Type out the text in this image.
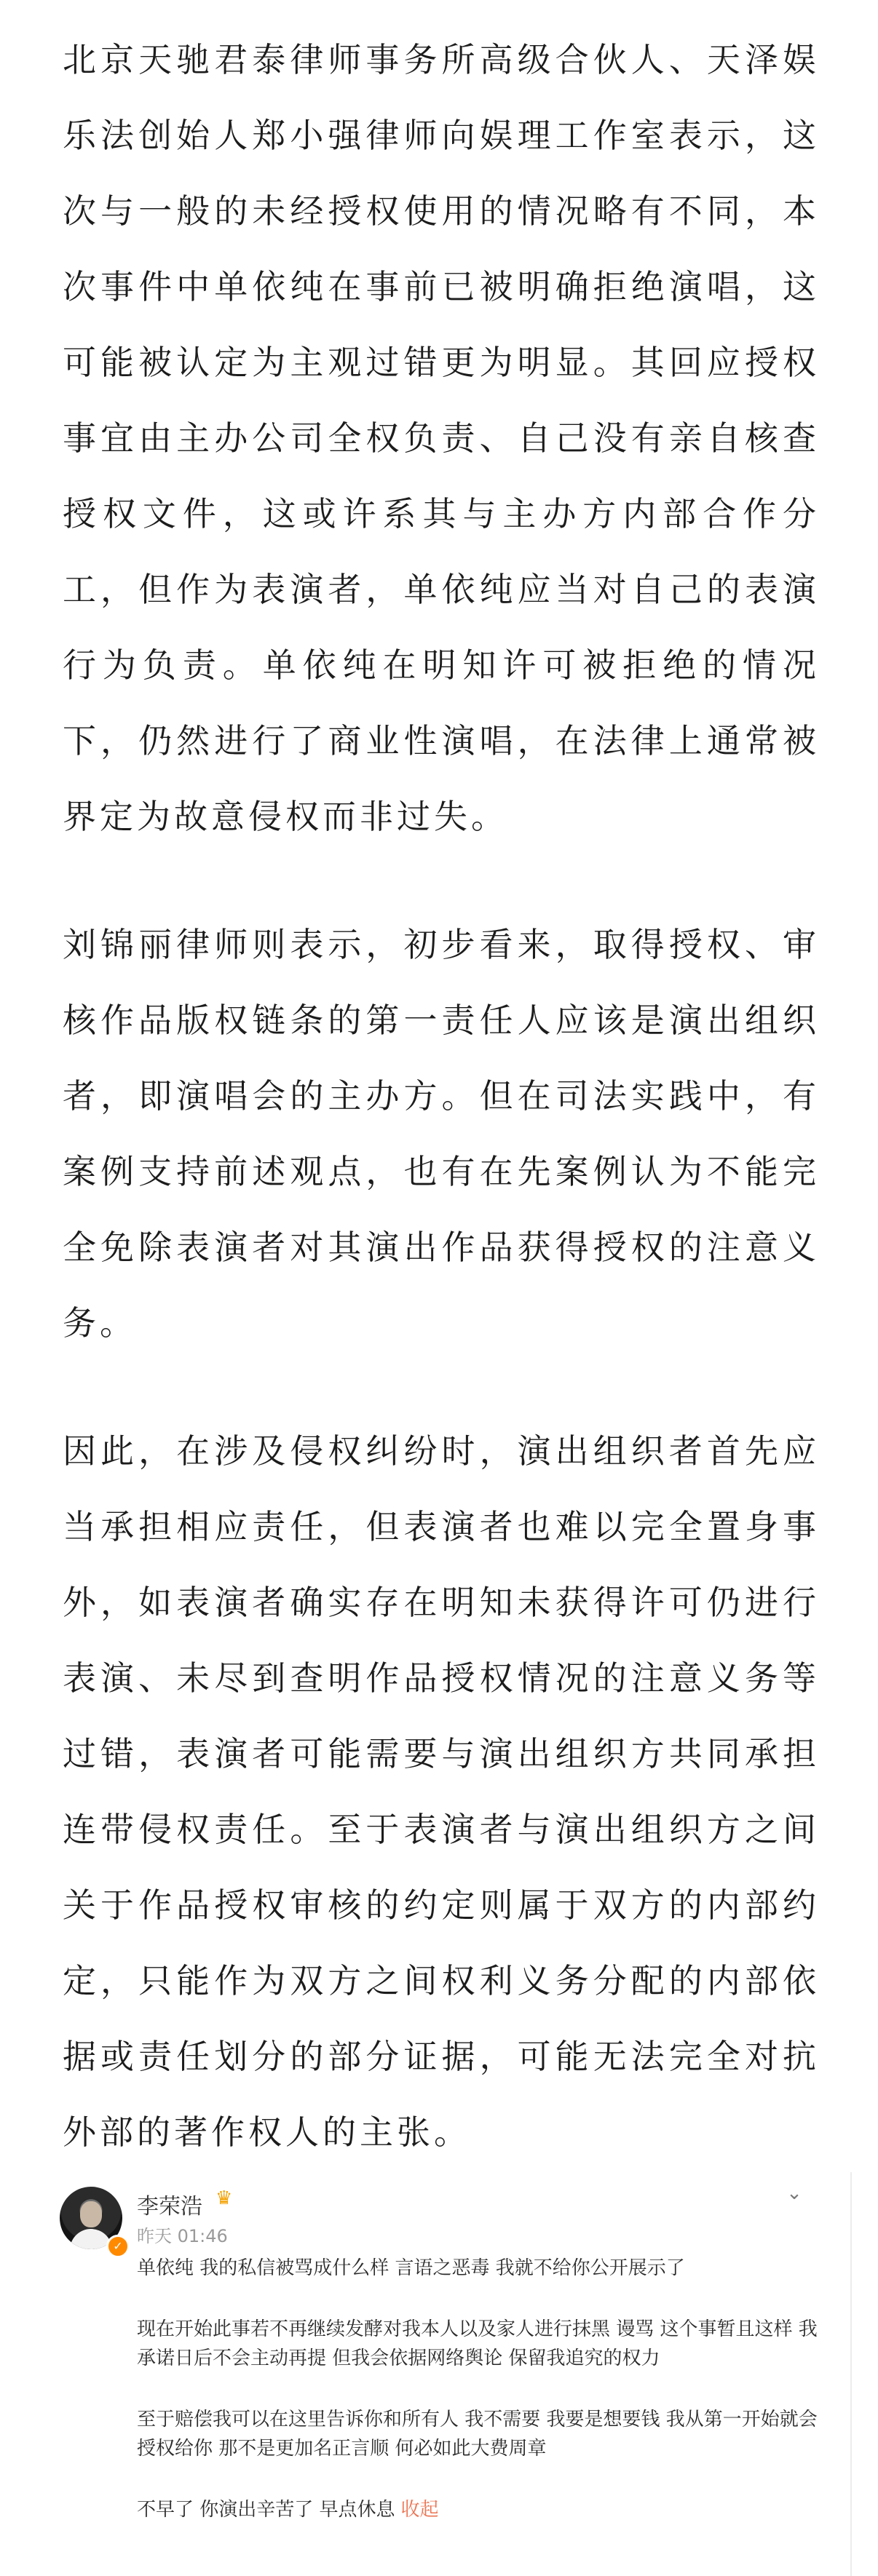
北京天驰君泰律师事务所高级合伙人、天泽娱乐法创始人郑小强律师向娱理工作室表示，这次与一般的未经授权使用的情况略有不同，本次事件中单依纯在事前已被明确拒绝演唱，这可能被认定为主观过错更为明显。其回应授权事宜由主办公司全权负责、自己没有亲自核查授权文件，这或许系其与主办方内部合作分工，但作为表演者，单依纯应当对自己的表演行为负责。单依纯在明知许可被拒绝的情况下，仍然进行了商业性演唱，在法律上通常被界定为故意侵权而非过失。

刘锦丽律师则表示，初步看来，取得授权、审核作品版权链条的第一责任人应该是演出组织者，即演唱会的主办方。但在司法实践中，有案例支持前述观点，也有在先案例认为不能完全免除表演者对其演出作品获得授权的注意义务。

因此，在涉及侵权纠纷时，演出组织者首先应当承担相应责任，但表演者也难以完全置身事外，如表演者确实存在明知未获得许可仍进行表演、未尽到查明作品授权情况的注意义务等过错，表演者可能需要与演出组织方共同承担连带侵权责任。至于表演者与演出组织方之间关于作品授权审核的约定则属于双方的内部约定，只能作为双方之间权利义务分配的内部依据或责任划分的部分证据，可能无法完全对抗外部的著作权人的主张。

✓
李荣浩 ♛
昨天 01:46
⌄

单依纯 我的私信被骂成什么样 言语之恶毒 我就不给你公开展示了

现在开始此事若不再继续发酵对我本人以及家人进行抹黑 谩骂 这个事暂且这样 我承诺日后不会主动再提 但我会依据网络舆论 保留我追究的权力

至于赔偿我可以在这里告诉你和所有人 我不需要 我要是想要钱 我从第一开始就会授权给你 那不是更加名正言顺 何必如此大费周章

不早了 你演出辛苦了 早点休息 收起
